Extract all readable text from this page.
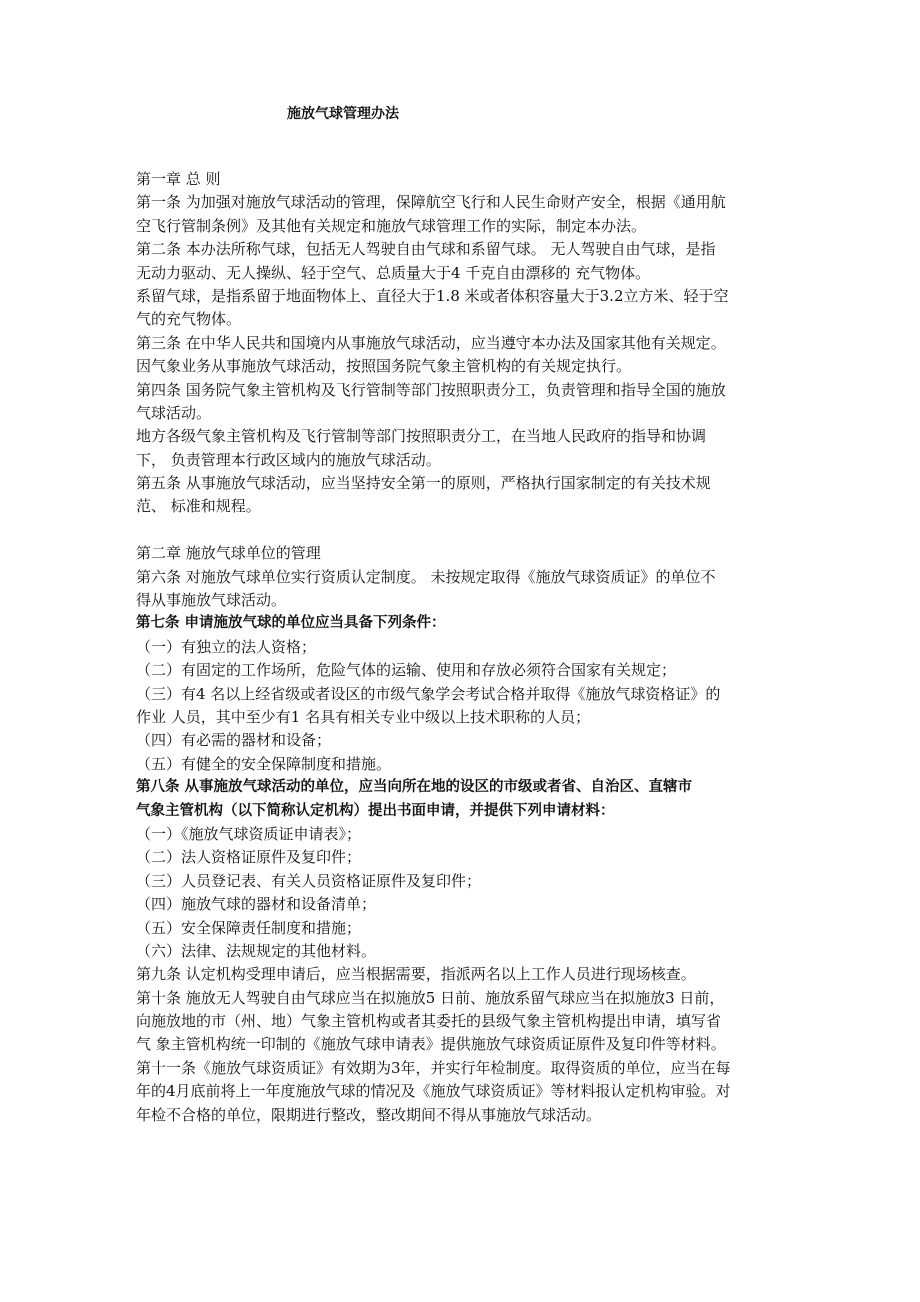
施放气球管理办法
第一章 总 则
第一条 为加强对施放气球活动的管理，保障航空飞行和人民生命财产安全，根据《通用航
空飞行管制条例》及其他有关规定和施放气球管理工作的实际，制定本办法。
第二条 本办法所称气球，包括无人驾驶自由气球和系留气球。 无人驾驶自由气球，是指
无动力驱动、无人操纵、轻于空气、总质量大于4 千克自由漂移的 充气物体。
系留气球，是指系留于地面物体上、直径大于1.8 米或者体积容量大于3.2立方米、轻于空
气的充气物体。
第三条 在中华人民共和国境内从事施放气球活动，应当遵守本办法及国家其他有关规定。
因气象业务从事施放气球活动，按照国务院气象主管机构的有关规定执行。
第四条 国务院气象主管机构及飞行管制等部门按照职责分工，负责管理和指导全国的施放
气球活动。
地方各级气象主管机构及飞行管制等部门按照职责分工，在当地人民政府的指导和协调
下， 负责管理本行政区域内的施放气球活动。
第五条 从事施放气球活动，应当坚持安全第一的原则，严格执行国家制定的有关技术规
范、 标准和规程。
第二章 施放气球单位的管理
第六条 对施放气球单位实行资质认定制度。 未按规定取得《施放气球资质证》的单位不
得从事施放气球活动。
第七条 申请施放气球的单位应当具备下列条件：
（一）有独立的法人资格；
（二）有固定的工作场所，危险气体的运输、使用和存放必须符合国家有关规定；
（三）有4 名以上经省级或者设区的市级气象学会考试合格并取得《施放气球资格证》的
作业 人员，其中至少有1 名具有相关专业中级以上技术职称的人员；
（四）有必需的器材和设备；
（五）有健全的安全保障制度和措施。
第八条 从事施放气球活动的单位，应当向所在地的设区的市级或者省、自治区、直辖市
气象主管机构（以下简称认定机构）提出书面申请，并提供下列申请材料：
（一）《施放气球资质证申请表》；
（二）法人资格证原件及复印件；
（三）人员登记表、有关人员资格证原件及复印件；
（四）施放气球的器材和设备清单；
（五）安全保障责任制度和措施；
（六）法律、法规规定的其他材料。
第九条 认定机构受理申请后，应当根据需要，指派两名以上工作人员进行现场核查。
第十条 施放无人驾驶自由气球应当在拟施放5 日前、施放系留气球应当在拟施放3 日前，
向施放地的市（州、地）气象主管机构或者其委托的县级气象主管机构提出申请，填写省
气 象主管机构统一印制的《施放气球申请表》提供施放气球资质证原件及复印件等材料。
第十一条《施放气球资质证》有效期为3年，并实行年检制度。取得资质的单位，应当在每
年的4月底前将上一年度施放气球的情况及《施放气球资质证》等材料报认定机构审验。对
年检不合格的单位，限期进行整改，整改期间不得从事施放气球活动。
